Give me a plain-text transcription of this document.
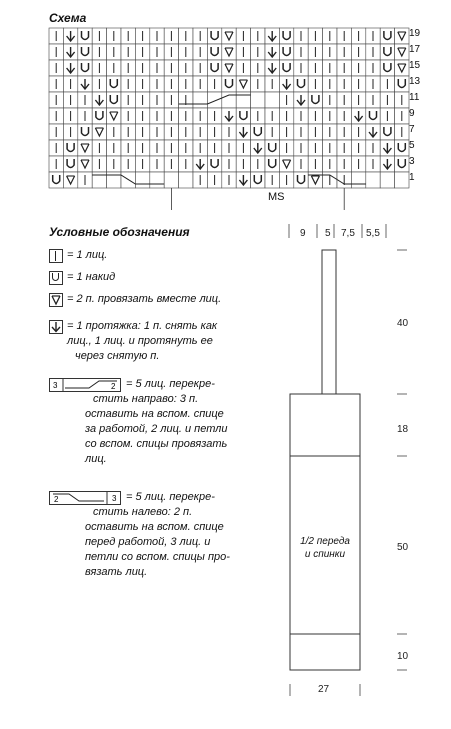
Схема
19
17
15
13
11
9
7
5
3
1
MS
Условные обозначения
= 1 лиц.
= 1 накид
= 2 п. провязать вместе лиц.
= 1 протяжка: 1 п. снять как
лиц., 1 лиц. и протянуть ее
через снятую п.
3	2 = 5 лиц. перекре-
стить направо: 3 п.
оставить на вспом. спице
за работой, 2 лиц. и петли
со вспом. спицы провязать
лиц.
2	3 = 5 лиц. перекре-
стить налево: 2 п.
оставить на вспом. спице
перед работой, 3 лиц. и
петли со вспом. спицы про-
вязать лиц.
9 5 7,5 5,5
40
18
50
10
27
1/2 переда
и спинки
